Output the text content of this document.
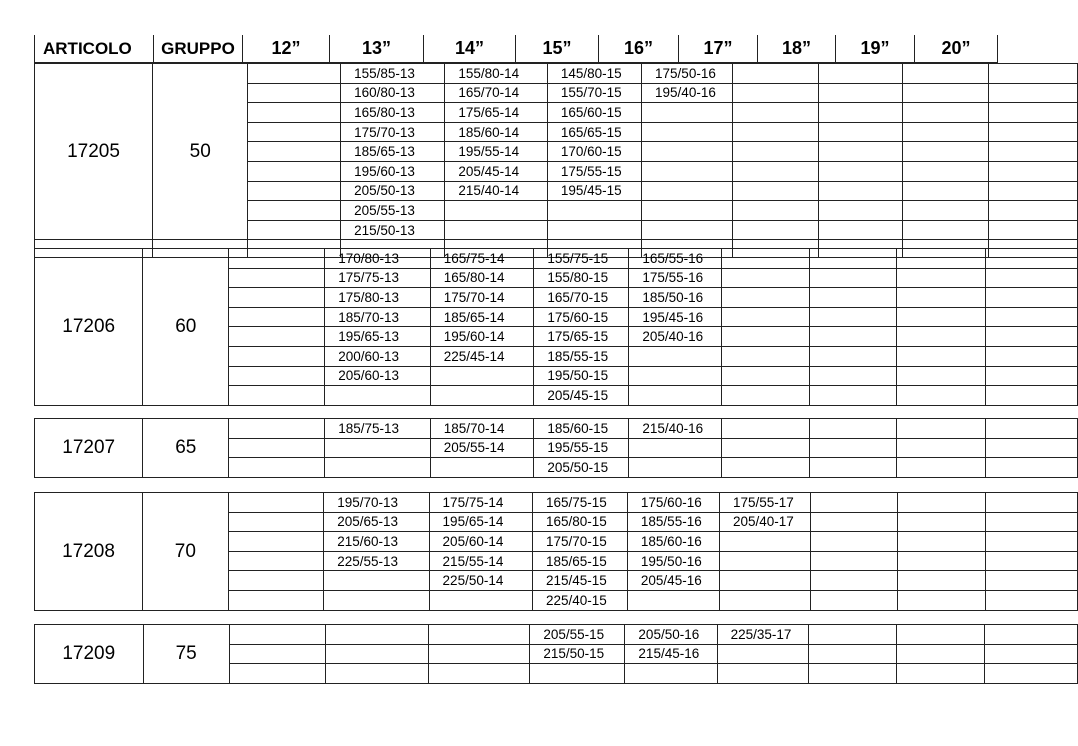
ARTICOLO	GRUPPO	12”	13”	14”	15”	16”	17”	18”	19”	20”
17205	50		155/85-13	155/80-14	145/80-15	175/50-16				
			160/80-13	165/70-14	155/70-15	195/40-16				
			165/80-13	175/65-14	165/60-15					
			175/70-13	185/60-14	165/65-15					
			185/65-13	195/55-14	170/60-15					
			195/60-13	205/45-14	175/55-15					
			205/50-13	215/40-14	195/45-15					
			205/55-13							
			215/50-13							

17206	60		170/80-13	165/75-14	155/75-15	165/55-16				
			175/75-13	165/80-14	155/80-15	175/55-16				
			175/80-13	175/70-14	165/70-15	185/50-16				
			185/70-13	185/65-14	175/60-15	195/45-16				
			195/65-13	195/60-14	175/65-15	205/40-16				
			200/60-13	225/45-14	185/55-15					
			205/60-13		195/50-15					
					205/45-15					
17207	65		185/75-13	185/70-14	185/60-15	215/40-16				
				205/55-14	195/55-15					
					205/50-15					
17208	70		195/70-13	175/75-14	165/75-15	175/60-16	175/55-17			
			205/65-13	195/65-14	165/80-15	185/55-16	205/40-17			
			215/60-13	205/60-14	175/70-15	185/60-16				
			225/55-13	215/55-14	185/65-15	195/50-16				
				225/50-14	215/45-15	205/45-16				
					225/40-15					
17209	75				205/55-15	205/50-16	225/35-17			
					215/50-15	215/45-16				
